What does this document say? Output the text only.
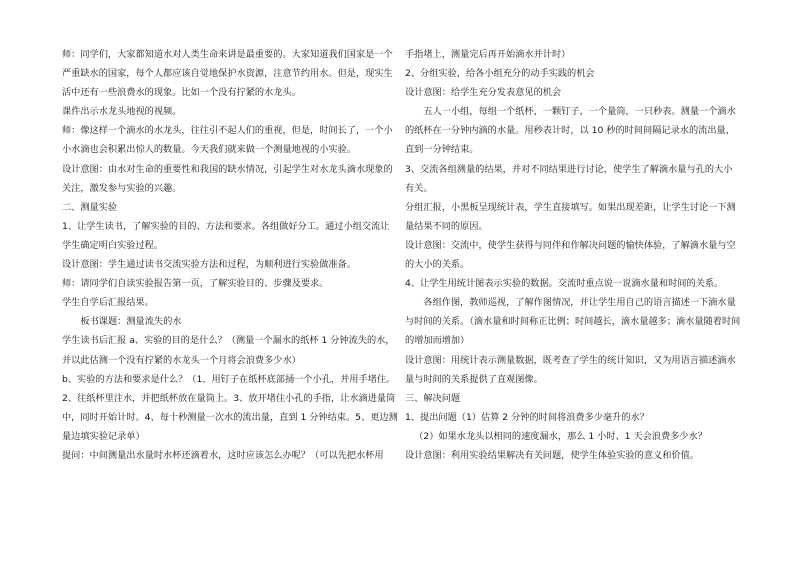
师：同学们，大家都知道水对人类生命来讲是最重要的。大家知道我们国家是一个严重缺水的国家，每个人都应该自觉地保护水资源，注意节约用水。但是，现实生活中还有一些浪费水的现象。比如一个没有拧紧的水龙头。

课件出示水龙头地视的视频。

师：像这样一个滴水的水龙头，往往引不起人们的重视，但是，时间长了，一个小小水滴也会积累出惊人的数量。今天我们就来做一个测量地视的小实验。

设计意图：由水对生命的重要性和我国的缺水情况，引起学生对水龙头滴水现象的关注，激发参与实验的兴趣。

二、测量实验

1、让学生读书，了解实验的目的、方法和要求。各组做好分工。通过小组交流让学生确定明白实验过程。

设计意图：学生通过读书交流实验方法和过程，为顺利进行实验做准备。

师：请同学们自读实验报告第一页，了解实验目的、步骤及要求。

学生自学后汇报结果。

板书课题：测量流失的水

学生读书后汇报 a、实验的目的是什么？（测量一个漏水的纸杯 1 分钟流失的水，并以此估测一个没有拧紧的水龙头一个月将会浪费多少水）

b、实验的方法和要求是什么？（1、用钉子在纸杯底部捅一个小孔，并用手堵住。2、往纸杯里注水，并把纸杯放在量筒上。3、放开堵住小孔的手指，让水滴进量筒中，同时开始计时。4、每十秒测量一次水的流出量，直到 1 分钟结束。5、更边测量边填实验记录单）

提问：中间测量出水量时水杯还滴着水，这时应该怎么办呢？（可以先把水杯用

手指堵上，测量完后再开始滴水并计时）

2、分组实验，给各小组充分的动手实践的机会

设计意图：给学生充分发表意见的机会

五人一小组，每组一个纸杯，一颗钉子，一个量筒，一只秒表。测量一个滴水的纸杯在一分钟内滴的水量。用秒表计时，以 10 秒的时间间隔记录水的流出量，直到一分钟结束。

3、交流各组测量的结果，并对不同结果进行讨论，使学生了解滴水量与孔的大小有关。

分组汇报，小黑板呈现统计表，学生直接填写。如果出现差距，让学生讨论一下测量结果不同的原因。

设计意图：交流中，使学生获得与同伴和作解决问题的愉快体验，了解滴水量与空的大小的关系。

4、让学生用统计图表示实验的数据。交流时重点说一说滴水量和时间的关系。

各组作图，教师巡视，了解作图情况，并让学生用自己的语言描述一下滴水量与时间的关系。（滴水量和时间称正比例；时间越长，滴水量越多；滴水量随着时间的增加而增加）

设计意图：用统计表示测量数据，既考查了学生的统计知识，又为用语言描述滴水量与时间的关系提供了直观图像。

三、解决问题

1、提出问题（1）估算 2 分钟的时间将浪费多少毫升的水？

（2）如果水龙头以相同的速度漏水，那么 1 小时、1 天会浪费多少水？

设计意图：利用实验结果解决有关问题，使学生体验实验的意义和价值。
